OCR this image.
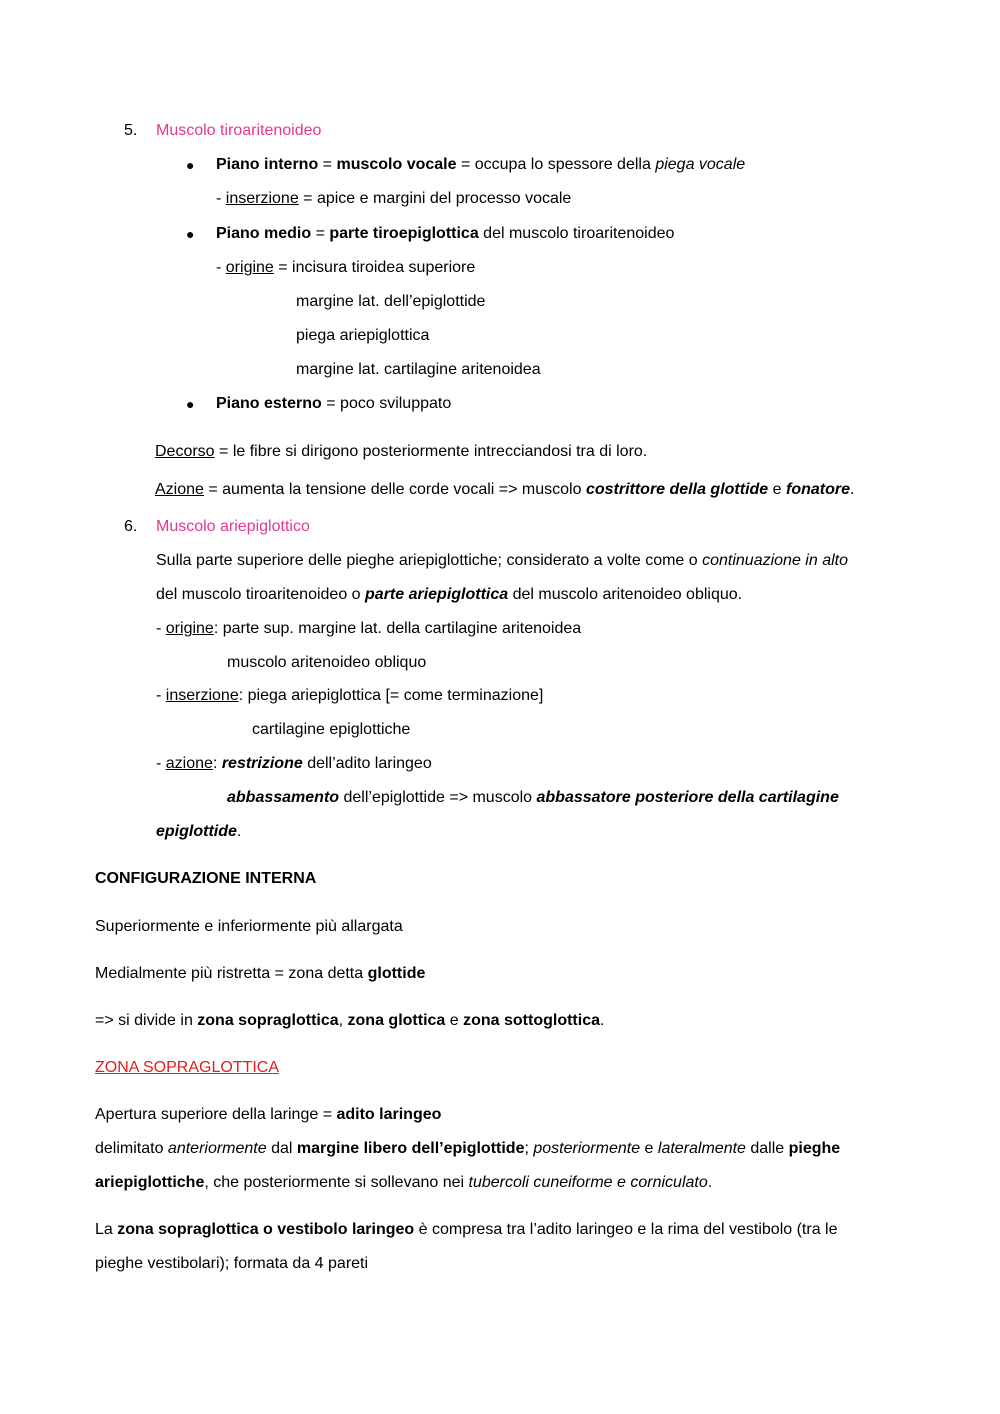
5. Muscolo tiroaritenoideo
● Piano interno = muscolo vocale = occupa lo spessore della piega vocale
- inserzione = apice e margini del processo vocale
● Piano medio = parte tiroepiglottica del muscolo tiroaritenoideo
- origine = incisura tiroidea superiore
margine lat. dell’epiglottide
piega ariepiglottica
margine lat. cartilagine aritenoidea
● Piano esterno = poco sviluppato
Decorso = le fibre si dirigono posteriormente intrecciandosi tra di loro.
Azione = aumenta la tensione delle corde vocali => muscolo costrittore della glottide e fonatore.
6. Muscolo ariepiglottico
Sulla parte superiore delle pieghe ariepiglottiche; considerato a volte come o continuazione in alto
del muscolo tiroaritenoideo o parte ariepiglottica del muscolo aritenoideo obliquo.
- origine: parte sup. margine lat. della cartilagine aritenoidea
muscolo aritenoideo obliquo
- inserzione: piega ariepiglottica [= come terminazione]
cartilagine epiglottiche
- azione: restrizione dell’adito laringeo
abbassamento dell’epiglottide => muscolo abbassatore posteriore della cartilagine
epiglottide.
CONFIGURAZIONE INTERNA
Superiormente e inferiormente più allargata
Medialmente più ristretta = zona detta glottide
=> si divide in zona sopraglottica, zona glottica e zona sottoglottica.
ZONA SOPRAGLOTTICA
Apertura superiore della laringe = adito laringeo
delimitato anteriormente dal margine libero dell’epiglottide; posteriormente e lateralmente dalle pieghe
ariepiglottiche, che posteriormente si sollevano nei tubercoli cuneiforme e corniculato.
La zona sopraglottica o vestibolo laringeo è compresa tra l’adito laringeo e la rima del vestibolo (tra le
pieghe vestibolari); formata da 4 pareti
